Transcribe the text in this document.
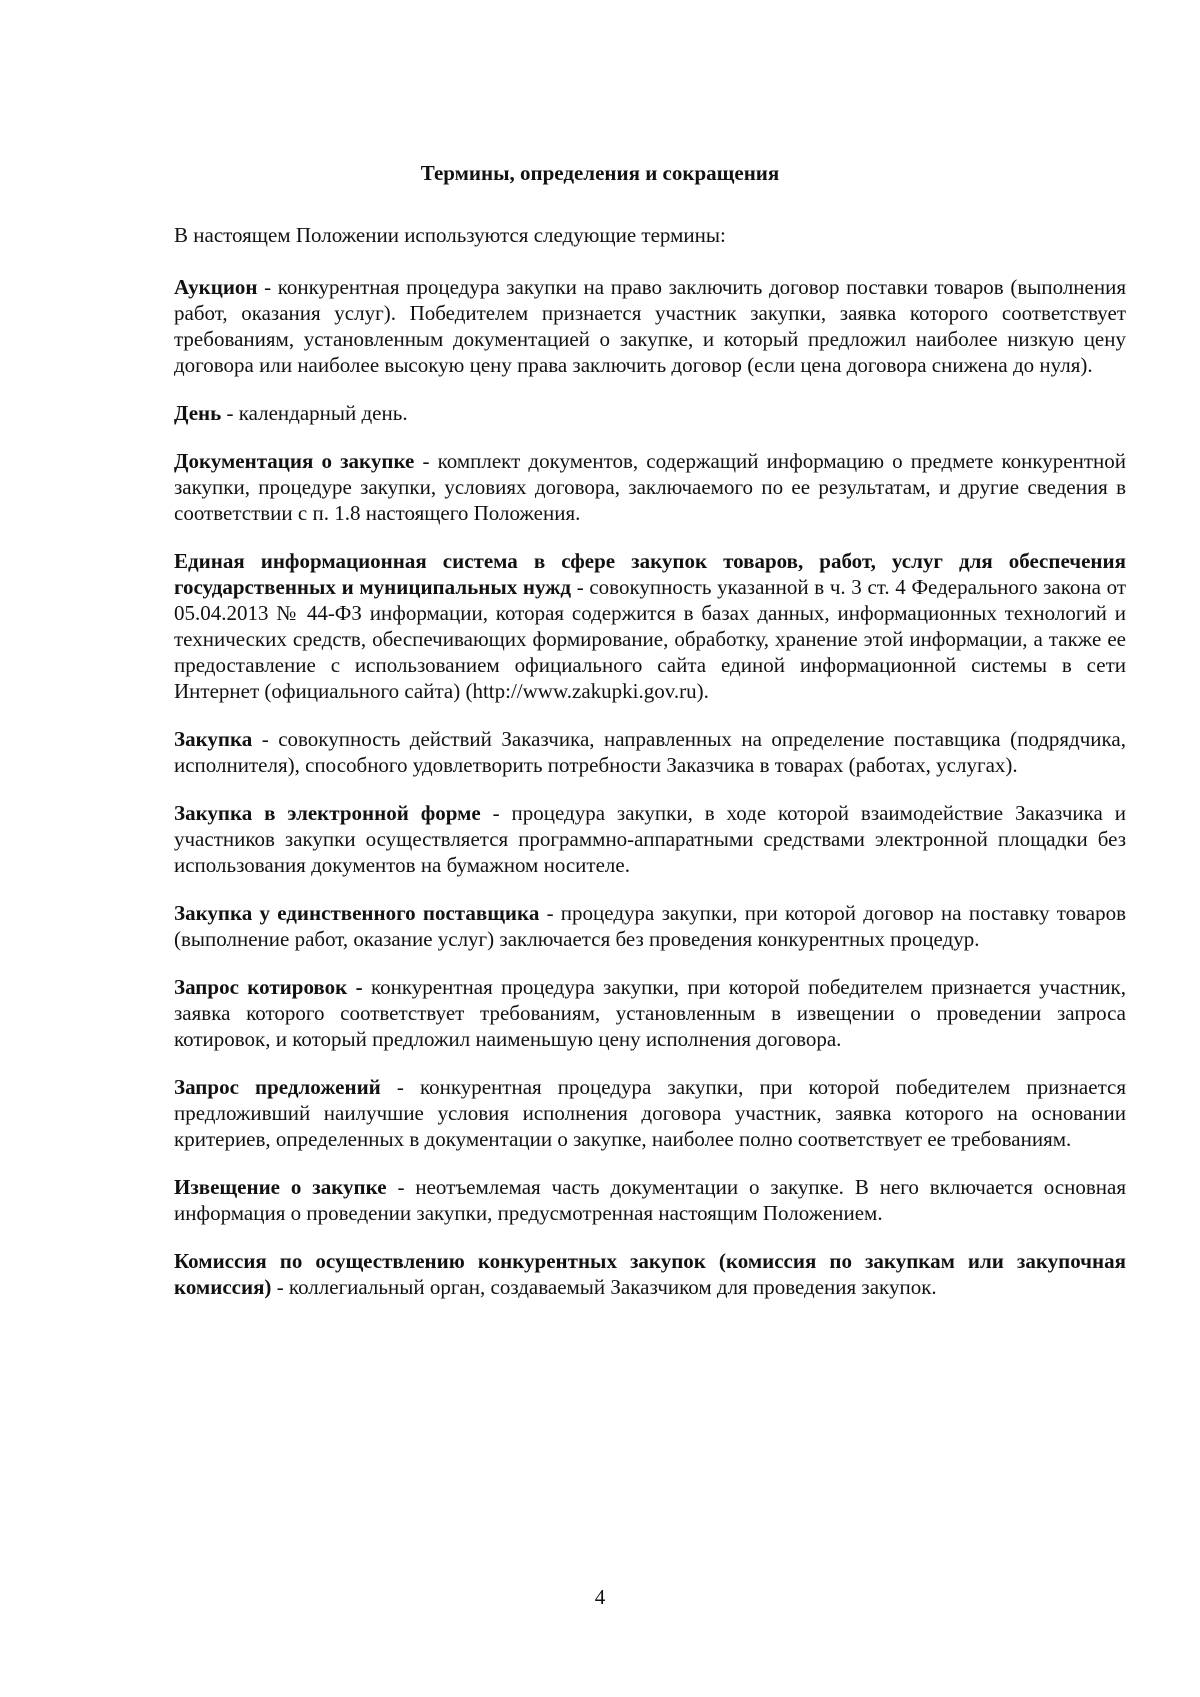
Термины, определения и сокращения
В настоящем Положении используются следующие термины:

Аукцион - конкурентная процедура закупки на право заключить договор поставки товаров (выполнения работ, оказания услуг). Победителем признается участник закупки, заявка которого соответствует требованиям, установленным документацией о закупке, и который предложил наиболее низкую цену договора или наиболее высокую цену права заключить договор (если цена договора снижена до нуля).

День - календарный день.

Документация о закупке - комплект документов, содержащий информацию о предмете конкурентной закупки, процедуре закупки, условиях договора, заключаемого по ее результатам, и другие сведения в соответствии с п. 1.8 настоящего Положения.

Единая информационная система в сфере закупок товаров, работ, услуг для обеспечения государственных и муниципальных нужд - совокупность указанной в ч. 3 ст. 4 Федерального закона от 05.04.2013 № 44-ФЗ информации, которая содержится в базах данных, информационных технологий и технических средств, обеспечивающих формирование, обработку, хранение этой информации, а также ее предоставление с использованием официального сайта единой информационной системы в сети Интернет (официального сайта) (http://www.zakupki.gov.ru).

Закупка - совокупность действий Заказчика, направленных на определение поставщика (подрядчика, исполнителя), способного удовлетворить потребности Заказчика в товарах (работах, услугах).

Закупка в электронной форме - процедура закупки, в ходе которой взаимодействие Заказчика и участников закупки осуществляется программно-аппаратными средствами электронной площадки без использования документов на бумажном носителе.

Закупка у единственного поставщика - процедура закупки, при которой договор на поставку товаров (выполнение работ, оказание услуг) заключается без проведения конкурентных процедур.

Запрос котировок - конкурентная процедура закупки, при которой победителем признается участник, заявка которого соответствует требованиям, установленным в извещении о проведении запроса котировок, и который предложил наименьшую цену исполнения договора.

Запрос предложений - конкурентная процедура закупки, при которой победителем признается предложивший наилучшие условия исполнения договора участник, заявка которого на основании критериев, определенных в документации о закупке, наиболее полно соответствует ее требованиям.

Извещение о закупке - неотъемлемая часть документации о закупке. В него включается основная информация о проведении закупки, предусмотренная настоящим Положением.

Комиссия по осуществлению конкурентных закупок (комиссия по закупкам или закупочная комиссия) - коллегиальный орган, создаваемый Заказчиком для проведения закупок.

4
